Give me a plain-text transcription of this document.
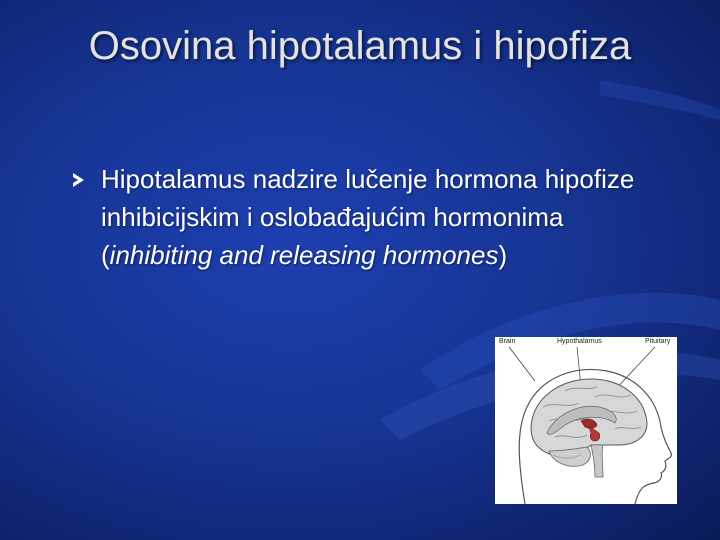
Osovina hipotalamus i hipofiza
Hipotalamus nadzire lučenje hormona hipofize inhibicijskim i oslobađajućim hormonima (inhibiting and releasing hormones)
Brain	Hypothalamus	Pituitary
